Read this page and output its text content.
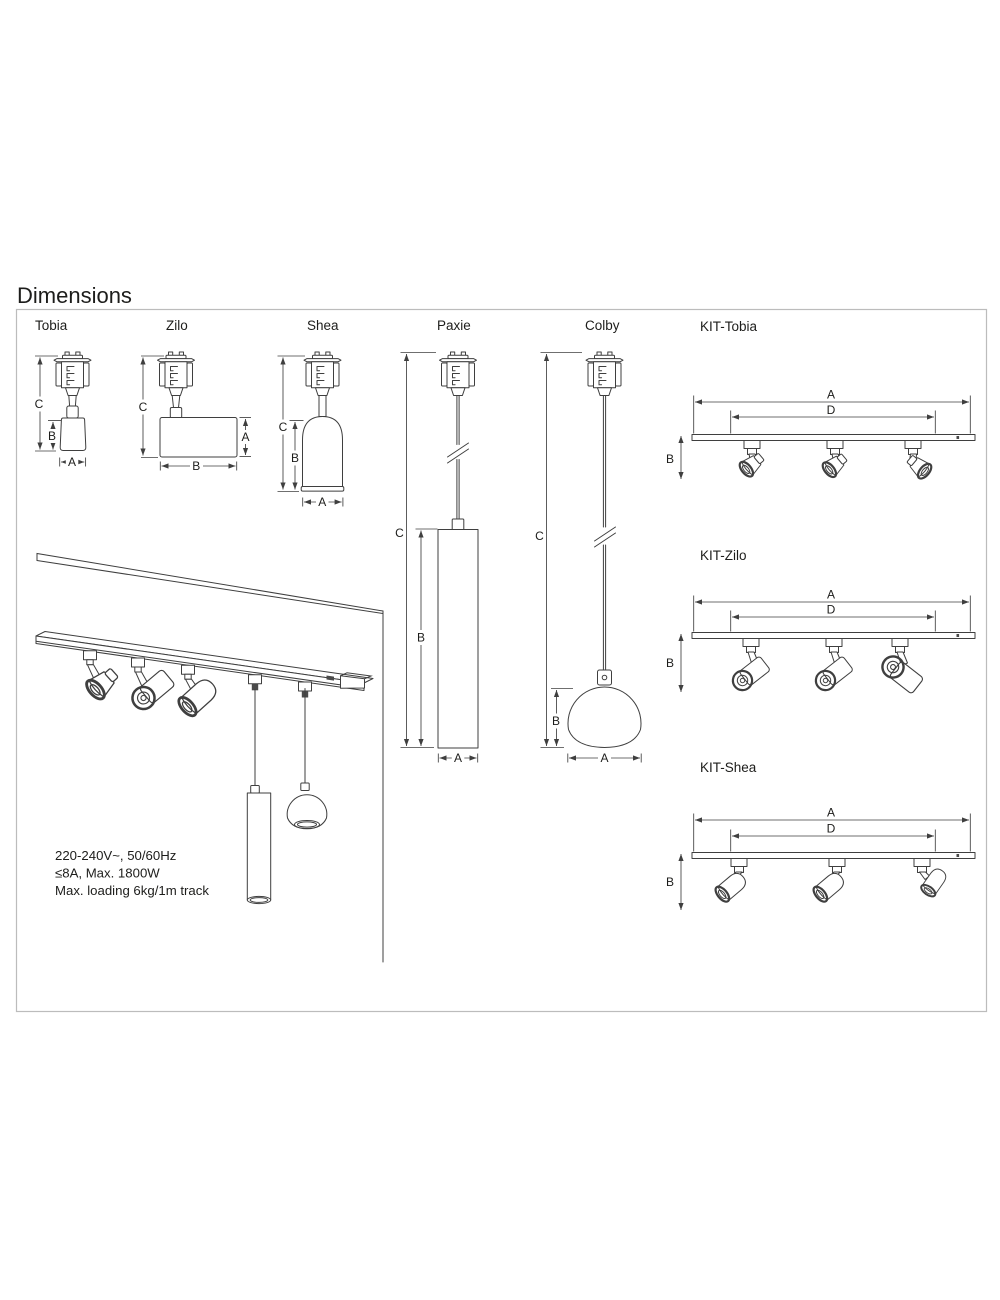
Dimensions
Tobia
C
B
A
Zilo
C
A
B
Shea
C
B
A
Paxie
C
B
A
Colby
C
B
A
KIT-Tobia
A
D
B
KIT-Zilo
A
D
B
KIT-Shea
A
D
B
220-240V~, 50/60Hz
≤8A, Max. 1800W
Max. loading 6kg/1m track
